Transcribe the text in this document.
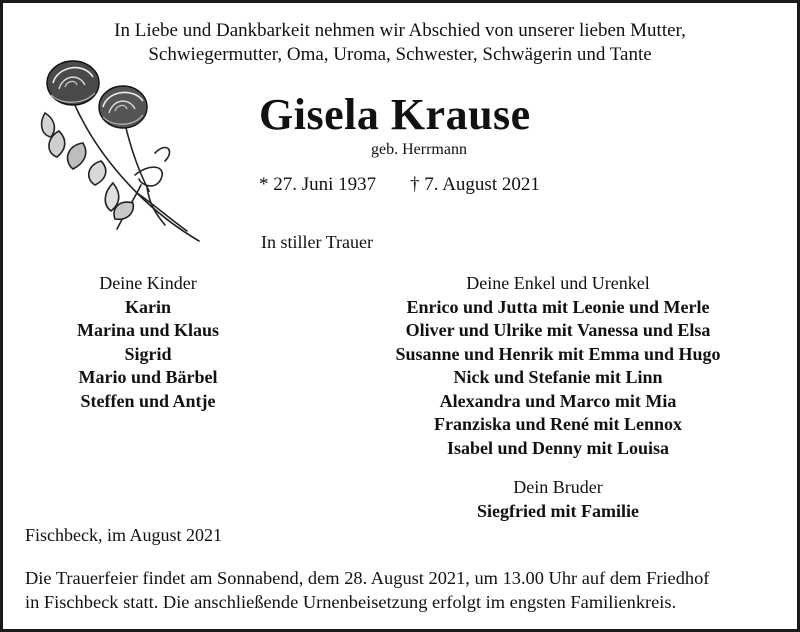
In Liebe und Dankbarkeit nehmen wir Abschied von unserer lieben Mutter,
Schwiegermutter, Oma, Uroma, Schwester, Schwägerin und Tante
Gisela Krause
geb. Herrmann
* 27. Juni 1937 † 7. August 2021
In stiller Trauer
Deine Kinder
Karin
Marina und Klaus
Sigrid
Mario und Bärbel
Steffen und Antje
Deine Enkel und Urenkel
Enrico und Jutta mit Leonie und Merle
Oliver und Ulrike mit Vanessa und Elsa
Susanne und Henrik mit Emma und Hugo
Nick und Stefanie mit Linn
Alexandra und Marco mit Mia
Franziska und René mit Lennox
Isabel und Denny mit Louisa
Dein Bruder
Siegfried mit Familie
Fischbeck, im August 2021
Die Trauerfeier findet am Sonnabend, dem 28. August 2021, um 13.00 Uhr auf dem Friedhof
in Fischbeck statt. Die anschließende Urnenbeisetzung erfolgt im engsten Familienkreis.
